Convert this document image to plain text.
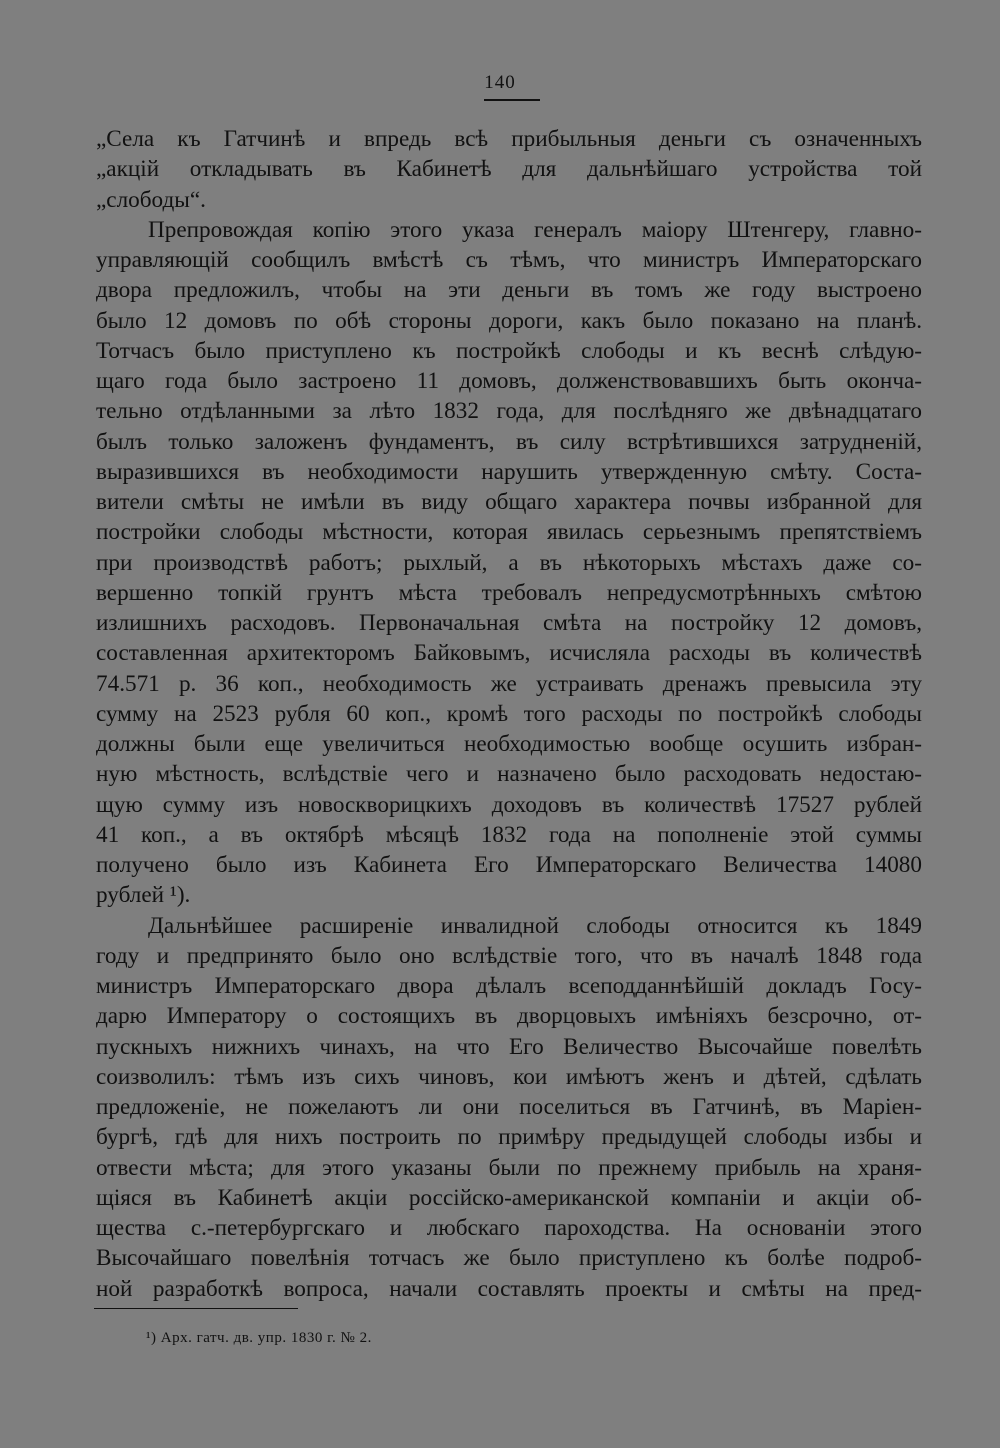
140
„Села къ Гатчинѣ и впредь всѣ прибыльныя деньги съ означенныхъ
„акцій откладывать въ Кабинетѣ для дальнѣйшаго устройства той
„слободы“.
Препровождая копію этого указа генералъ маіору Штенгеру, главно-
управляющій сообщилъ вмѣстѣ съ тѣмъ, что министръ Императорскаго
двора предложилъ, чтобы на эти деньги въ томъ же году выстроено
было 12 домовъ по обѣ стороны дороги, какъ было показано на планѣ.
Тотчасъ было приступлено къ постройкѣ слободы и къ веснѣ слѣдую-
щаго года было застроено 11 домовъ, долженствовавшихъ быть оконча-
тельно отдѣланными за лѣто 1832 года, для послѣдняго же двѣнадцатаго
былъ только заложенъ фундаментъ, въ силу встрѣтившихся затрудненій,
выразившихся въ необходимости нарушить утвержденную смѣту. Соста-
вители смѣты не имѣли въ виду общаго характера почвы избранной для
постройки слободы мѣстности, которая явилась серьезнымъ препятствіемъ
при производствѣ работъ; рыхлый, а въ нѣкоторыхъ мѣстахъ даже со-
вершенно топкій грунтъ мѣста требовалъ непредусмотрѣнныхъ смѣтою
излишнихъ расходовъ. Первоначальная смѣта на постройку 12 домовъ,
составленная архитекторомъ Байковымъ, исчисляла расходы въ количествѣ
74.571 р. 36 коп., необходимость же устраивать дренажъ превысила эту
сумму на 2523 рубля 60 коп., кромѣ того расходы по постройкѣ слободы
должны были еще увеличиться необходимостью вообще осушить избран-
ную мѣстность, вслѣдствіе чего и назначено было расходовать недостаю-
щую сумму изъ новоскворицкихъ доходовъ въ количествѣ 17527 рублей
41 коп., а въ октябрѣ мѣсяцѣ 1832 года на пополненіе этой суммы
получено было изъ Кабинета Его Императорскаго Величества 14080
рублей ¹).
Дальнѣйшее расширеніе инвалидной слободы относится къ 1849
году и предпринято было оно вслѣдствіе того, что въ началѣ 1848 года
министръ Императорскаго двора дѣлалъ всеподданнѣйшій докладъ Госу-
дарю Императору о состоящихъ въ дворцовыхъ имѣніяхъ безсрочно, от-
пускныхъ нижнихъ чинахъ, на что Его Величество Высочайше повелѣть
соизволилъ: тѣмъ изъ сихъ чиновъ, кои имѣютъ женъ и дѣтей, сдѣлать
предложеніе, не пожелаютъ ли они поселиться въ Гатчинѣ, въ Маріен-
бургѣ, гдѣ для нихъ построить по примѣру предыдущей слободы избы и
отвести мѣста; для этого указаны были по прежнему прибыль на храня-
щіяся въ Кабинетѣ акціи россійско-американской компаніи и акціи об-
щества с.-петербургскаго и любскаго пароходства. На основаніи этого
Высочайшаго повелѣнія тотчасъ же было приступлено къ болѣе подроб-
ной разработкѣ вопроса, начали составлять проекты и смѣты на пред-
¹) Арх. гатч. дв. упр. 1830 г. № 2.
